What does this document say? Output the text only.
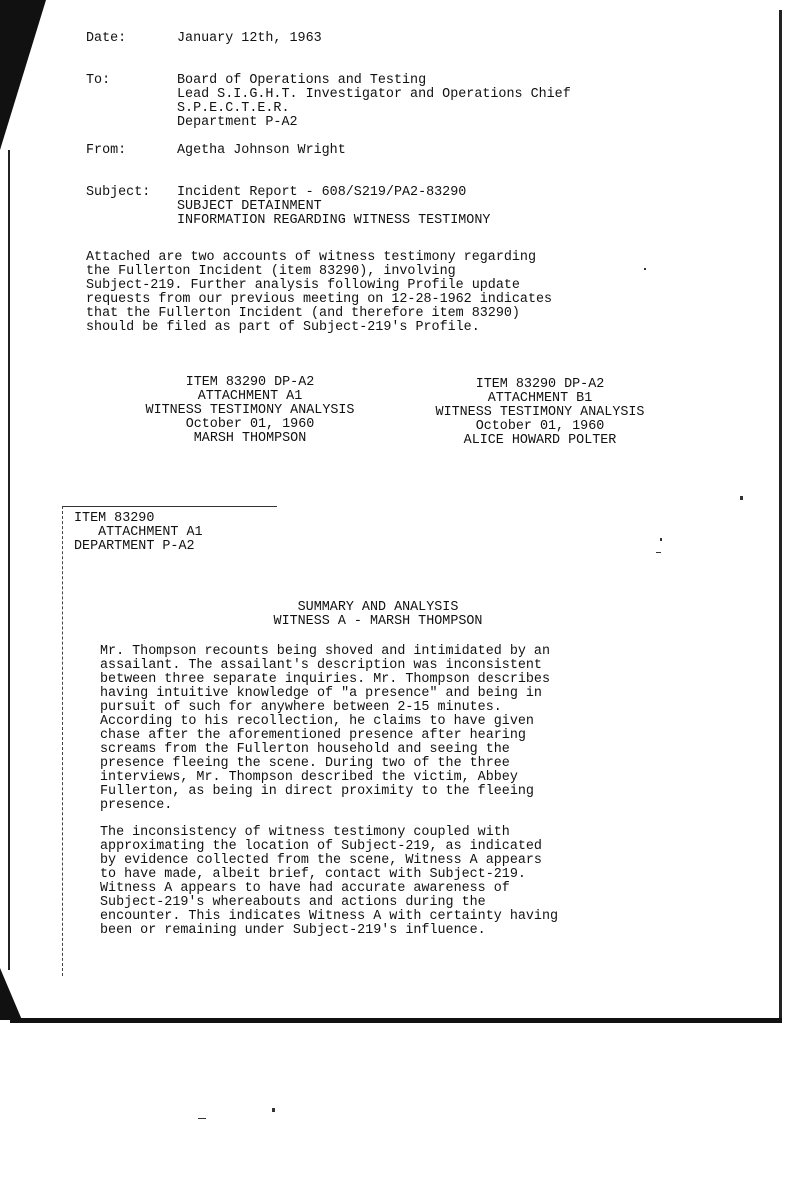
Date:	January 12th, 1963
To:	Board of Operations and Testing
Lead S.I.G.H.T. Investigator and Operations Chief
S.P.E.C.T.E.R.
Department P-A2
From:	Agetha Johnson Wright
Subject: Incident Report - 608/S219/PA2-83290
SUBJECT DETAINMENT
INFORMATION REGARDING WITNESS TESTIMONY
Attached are two accounts of witness testimony regarding
the Fullerton Incident (item 83290), involving
Subject-219. Further analysis following Profile update
requests from our previous meeting on 12-28-1962 indicates
that the Fullerton Incident (and therefore item 83290)
should be filed as part of Subject-219's Profile.
ITEM 83290 DP-A2
ATTACHMENT A1
WITNESS TESTIMONY ANALYSIS
October 01, 1960
MARSH THOMPSON
ITEM 83290 DP-A2
ATTACHMENT B1
WITNESS TESTIMONY ANALYSIS
October 01, 1960
ALICE HOWARD POLTER
ITEM 83290
ATTACHMENT A1
DEPARTMENT P-A2
SUMMARY AND ANALYSIS
WITNESS A - MARSH THOMPSON
Mr. Thompson recounts being shoved and intimidated by an
assailant. The assailant's description was inconsistent
between three separate inquiries. Mr. Thompson describes
having intuitive knowledge of "a presence" and being in
pursuit of such for anywhere between 2-15 minutes.
According to his recollection, he claims to have given
chase after the aforementioned presence after hearing
screams from the Fullerton household and seeing the
presence fleeing the scene. During two of the three
interviews, Mr. Thompson described the victim, Abbey
Fullerton, as being in direct proximity to the fleeing
presence.
The inconsistency of witness testimony coupled with
approximating the location of Subject-219, as indicated
by evidence collected from the scene, Witness A appears
to have made, albeit brief, contact with Subject-219.
Witness A appears to have had accurate awareness of
Subject-219's whereabouts and actions during the
encounter. This indicates Witness A with certainty having
been or remaining under Subject-219's influence.
